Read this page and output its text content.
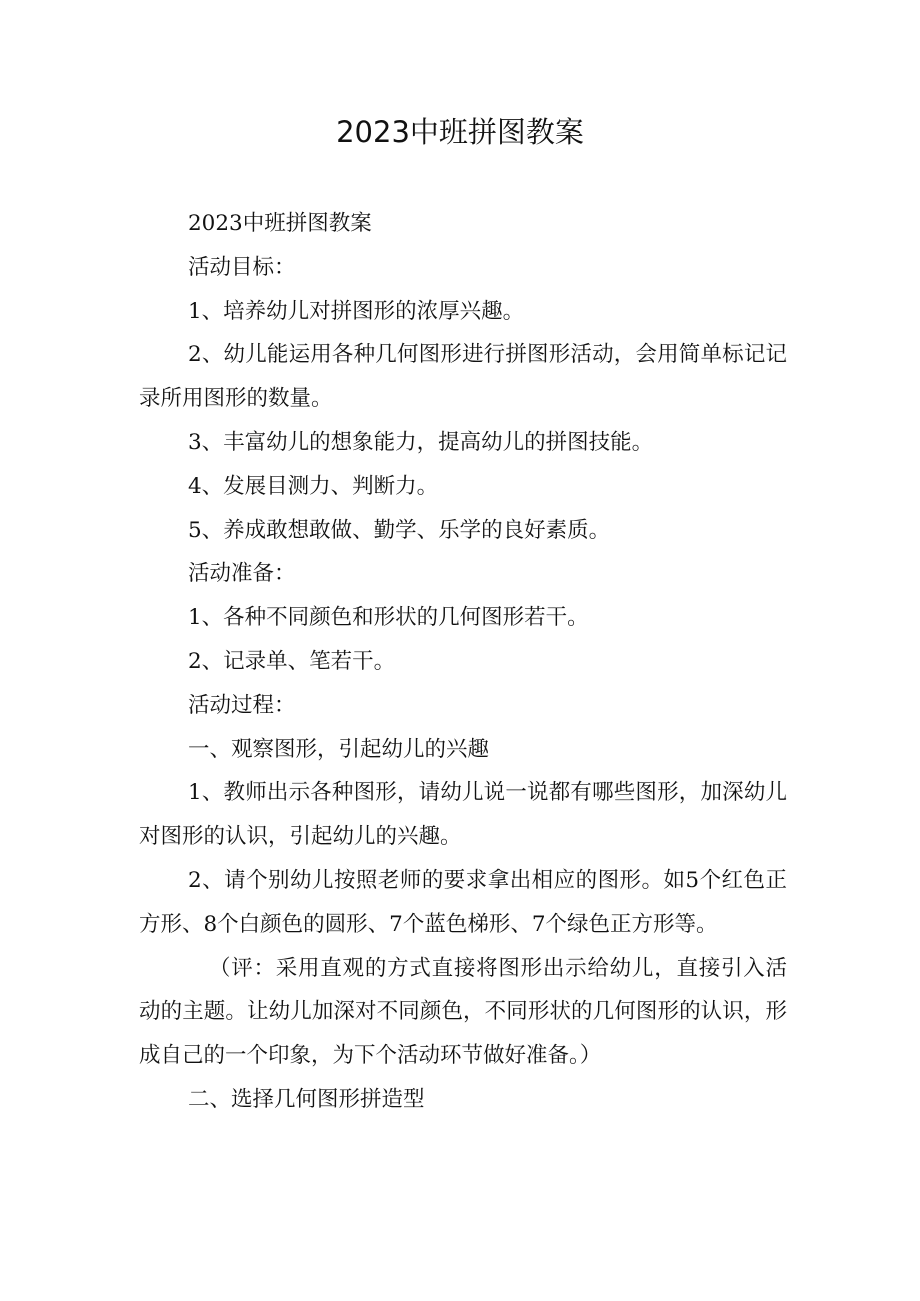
2023中班拼图教案

2023中班拼图教案

活动目标：

1、培养幼儿对拼图形的浓厚兴趣。

2、幼儿能运用各种几何图形进行拼图形活动，会用简单标记记录所用图形的数量。

3、丰富幼儿的想象能力，提高幼儿的拼图技能。

4、发展目测力、判断力。

5、养成敢想敢做、勤学、乐学的良好素质。

活动准备：

1、各种不同颜色和形状的几何图形若干。

2、记录单、笔若干。

活动过程：

一、观察图形，引起幼儿的兴趣

1、教师出示各种图形，请幼儿说一说都有哪些图形，加深幼儿对图形的认识，引起幼儿的兴趣。

2、请个别幼儿按照老师的要求拿出相应的图形。如5个红色正方形、8个白颜色的圆形、7个蓝色梯形、7个绿色正方形等。

（评：采用直观的方式直接将图形出示给幼儿，直接引入活动的主题。让幼儿加深对不同颜色，不同形状的几何图形的认识，形成自己的一个印象，为下个活动环节做好准备。）

二、选择几何图形拼造型
